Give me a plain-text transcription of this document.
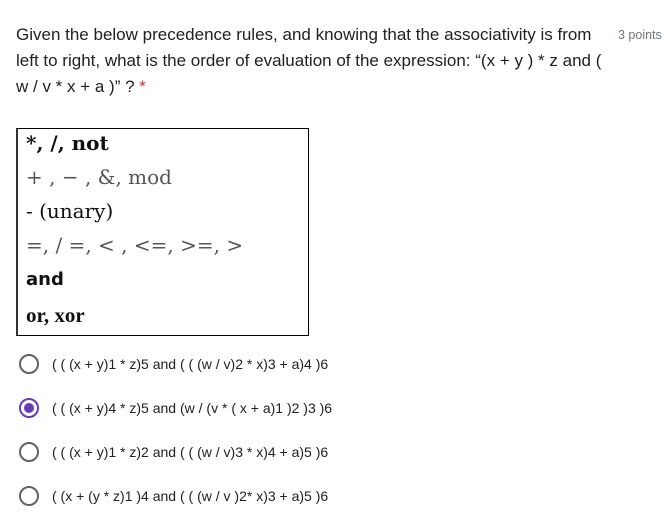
Given the below precedence rules, and knowing that the associativity is from left to right, what is the order of evaluation of the expression: “(x + y ) * z and ( w / v * x + a )” ? *
3 points
*, /, not
+ , − , &, mod
- (unary)
=, / =, < , <=, >=, >
and
or, xor
( ( (x + y)1 * z)5 and ( ( (w / v)2 * x)3 + a)4 )6
( ( (x + y)4 * z)5 and (w / (v * ( x + a)1 )2 )3 )6
( ( (x + y)1 * z)2 and ( ( (w / v)3 * x)4 + a)5 )6
( (x + (y * z)1 )4 and ( ( (w / v )2* x)3 + a)5 )6
